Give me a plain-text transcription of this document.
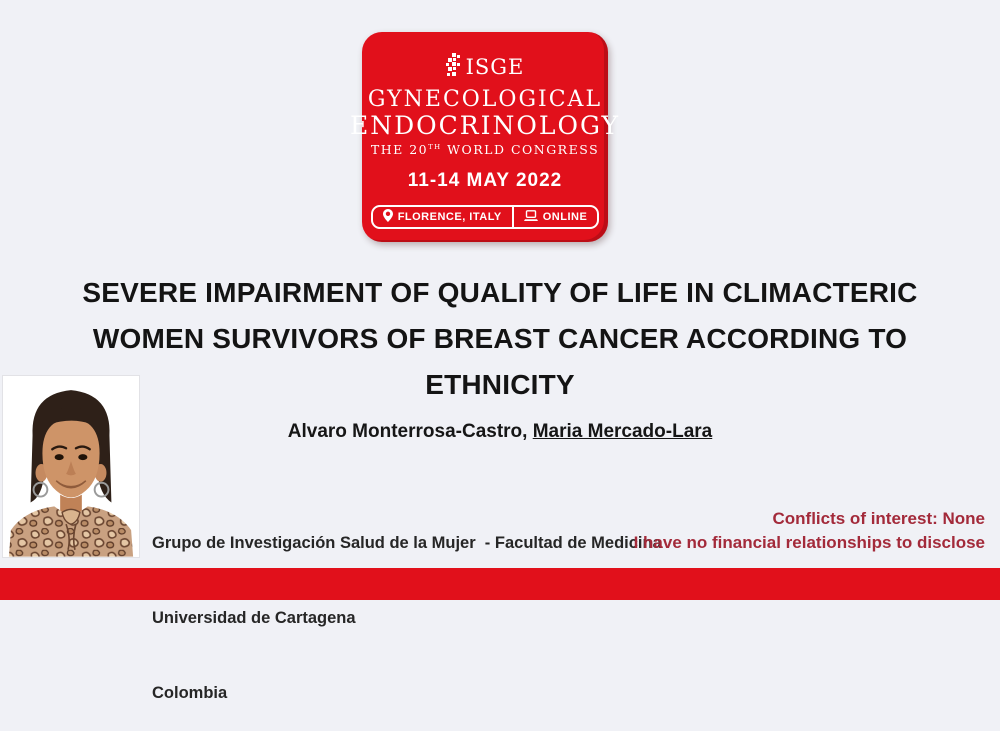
ISGE
GYNECOLOGICAL
ENDOCRINOLOGY
THE 20TH WORLD CONGRESS
11-14 MAY 2022
FLORENCE, ITALY	ONLINE
SEVERE IMPAIRMENT OF QUALITY OF LIFE IN CLIMACTERIC
WOMEN SURVIVORS OF BREAST CANCER ACCORDING TO
ETHNICITY
Alvaro Monterrosa-Castro, Maria Mercado-Lara

Grupo de Investigación Salud de la Mujer  - Facultad de Medicina

Universidad de Cartagena

Colombia

Conflicts of interest: None
I have no financial relationships to disclose
